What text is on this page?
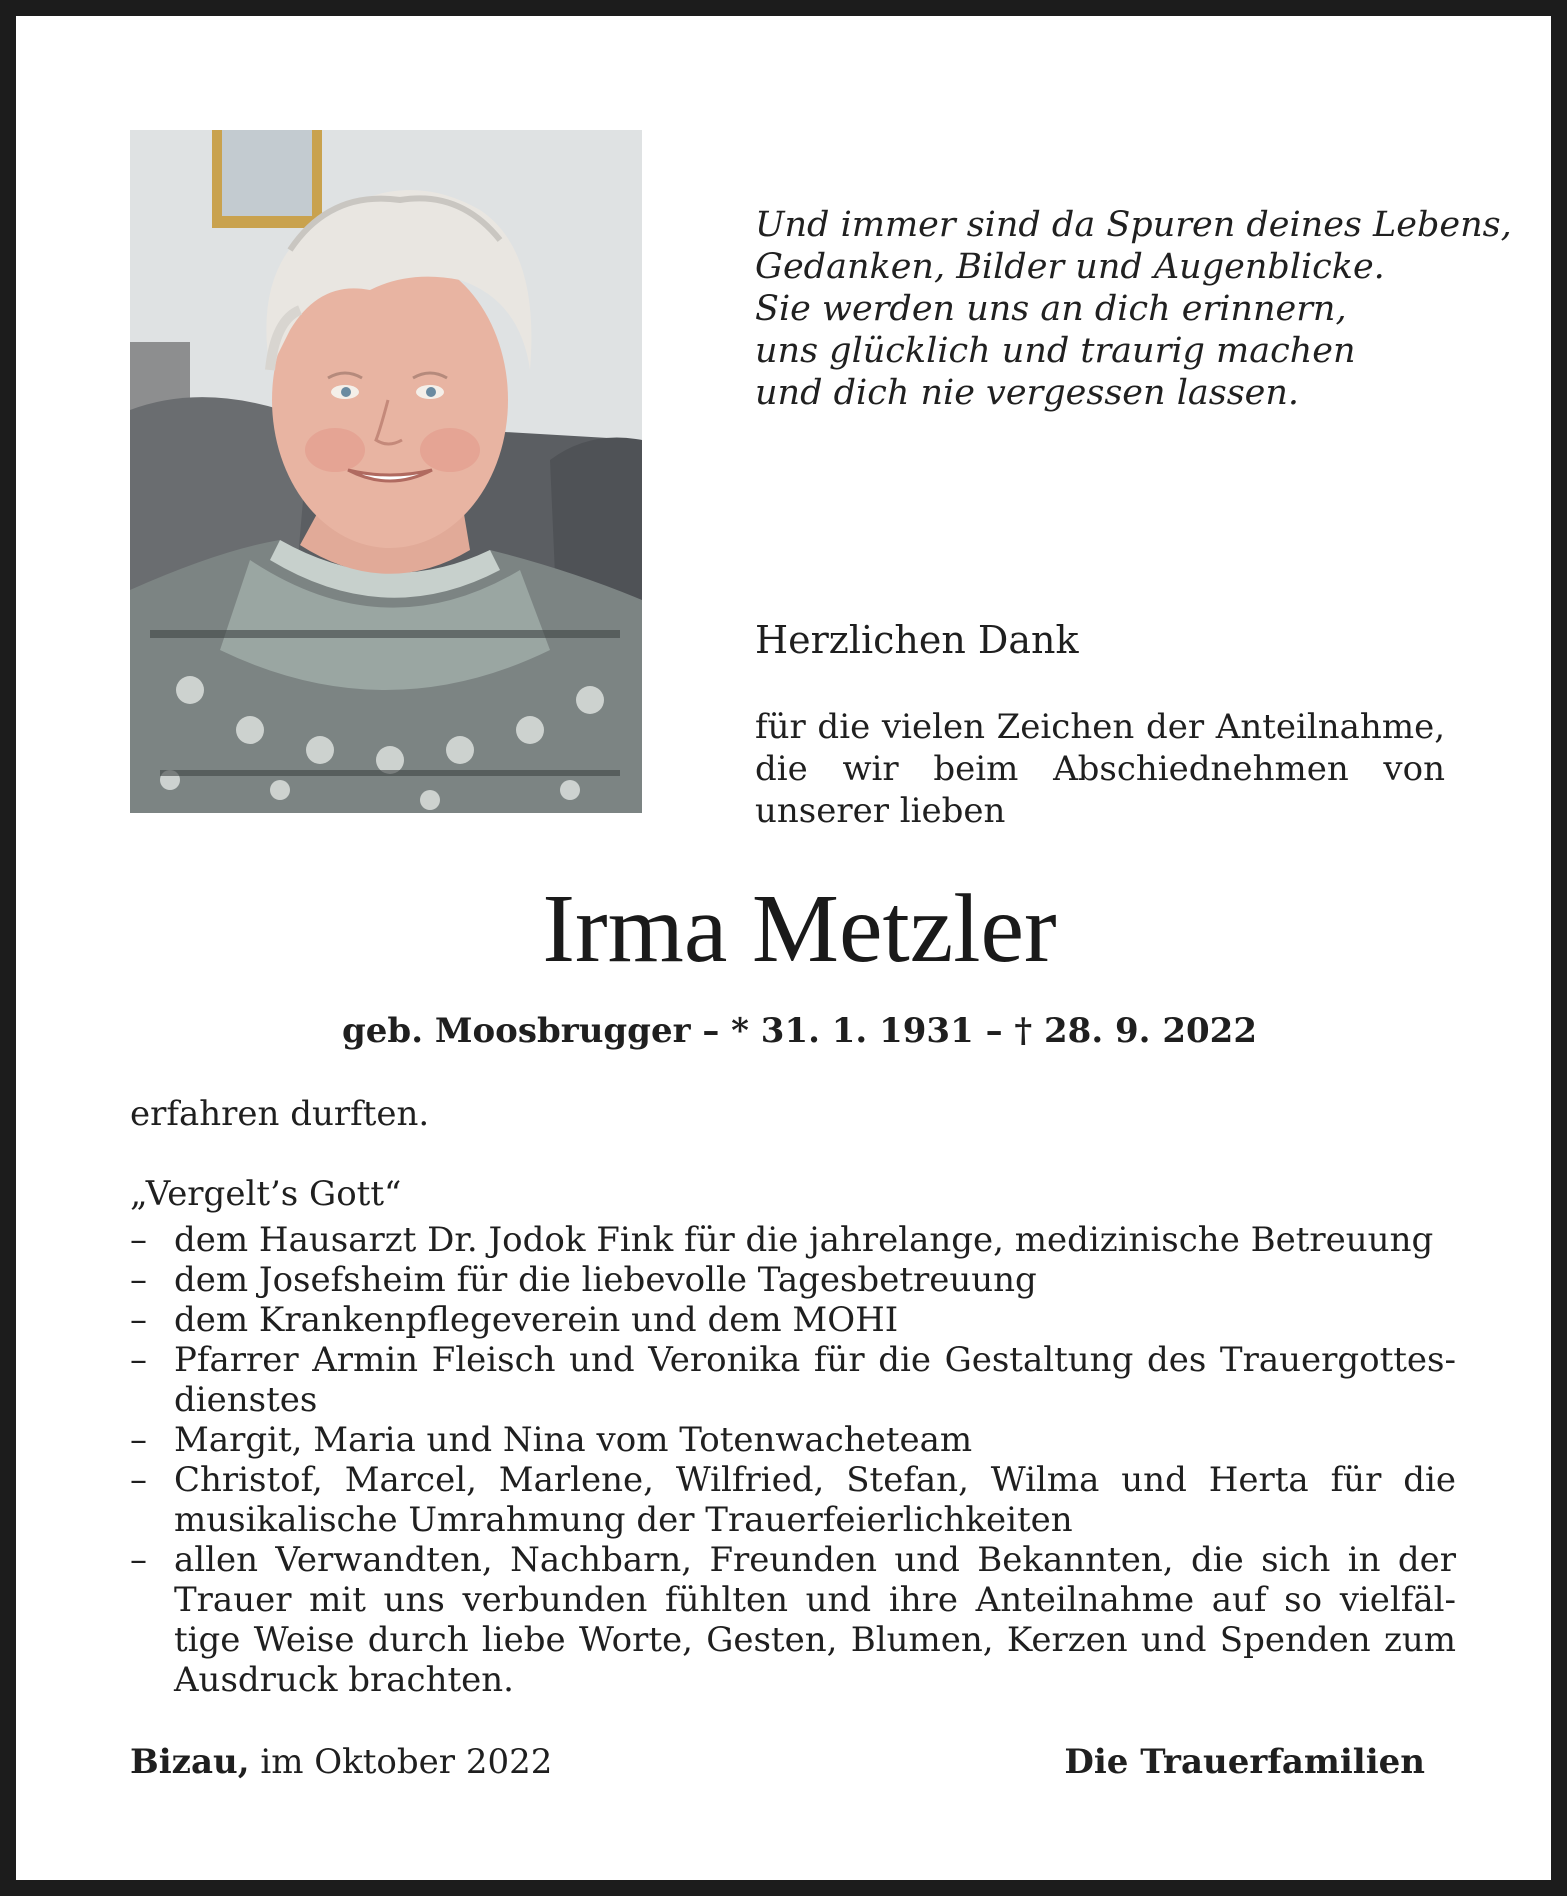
Und immer sind da Spuren deines Lebens,
Gedanken, Bilder und Augenblicke.
Sie werden uns an dich erinnern,
uns glücklich und traurig machen
und dich nie vergessen lassen.
Herzlichen Dank
für die vielen Zeichen der Anteilnahme,
die wir beim Abschiednehmen von
unserer lieben
Irma Metzler
geb. Moosbrugger – * 31. 1. 1931 – † 28. 9. 2022
erfahren durften.
„Vergelt’s Gott“
– dem Hausarzt Dr. Jodok Fink für die jahrelange, medizinische Betreuung
– dem Josefsheim für die liebevolle Tagesbetreuung
– dem Krankenpflegeverein und dem MOHI
– Pfarrer Armin Fleisch und Veronika für die Gestaltung des Trauergottes-
dienstes
– Margit, Maria und Nina vom Totenwacheteam
– Christof, Marcel, Marlene, Wilfried, Stefan, Wilma und Herta für die
musikalische Umrahmung der Trauerfeierlichkeiten
– allen Verwandten, Nachbarn, Freunden und Bekannten, die sich in der
Trauer mit uns verbunden fühlten und ihre Anteilnahme auf so vielfäl-
tige Weise durch liebe Worte, Gesten, Blumen, Kerzen und Spenden zum
Ausdruck brachten.
Bizau, im Oktober 2022	Die Trauerfamilien
